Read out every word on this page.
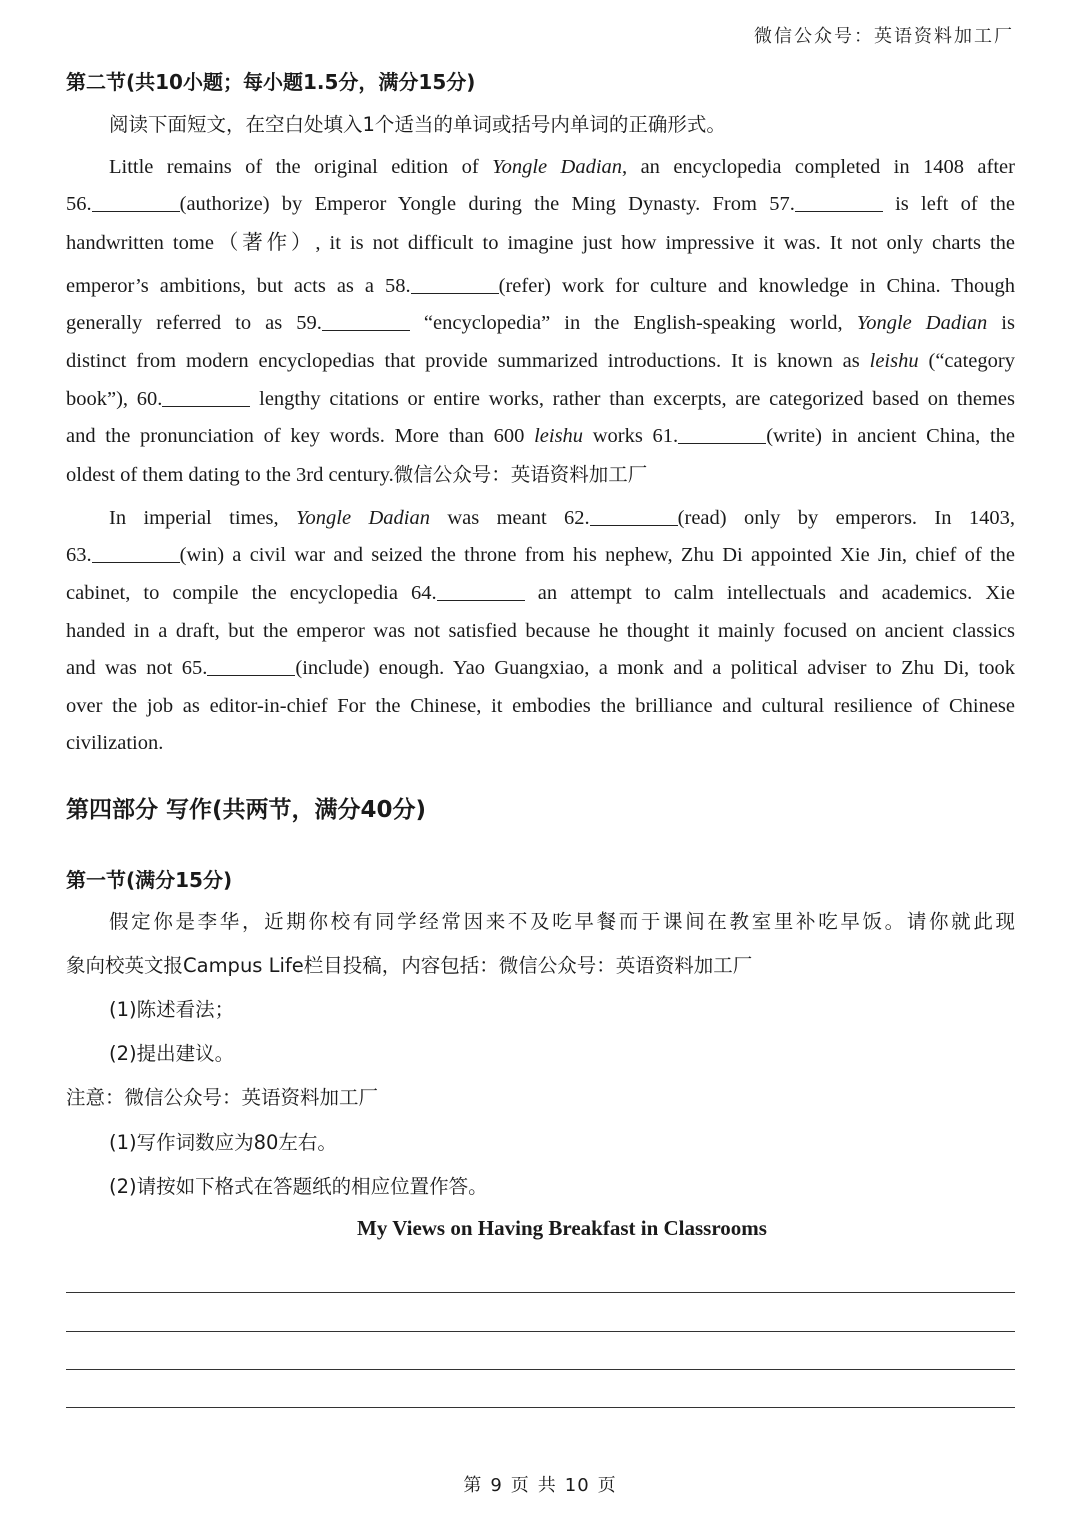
微信公众号：英语资料加工厂
第二节(共10小题；每小题1.5分，满分15分)
阅读下面短文，在空白处填入1个适当的单词或括号内单词的正确形式。
Little remains of the original edition of Yongle Dadian, an encyclopedia completed in 1408 after
56.	(authorize) by Emperor Yongle during the Ming Dynasty. From 57.	is left of the
handwritten tome（著作）, it is not difficult to imagine just how impressive it was. It not only charts the
emperor’s ambitions, but acts as a 58.	(refer) work for culture and knowledge in China. Though
generally referred to as 59.	“encyclopedia” in the English-speaking world, Yongle Dadian is
distinct from modern encyclopedias that provide summarized introductions. It is known as leishu (“category
book”), 60.	lengthy citations or entire works, rather than excerpts, are categorized based on themes
and the pronunciation of key words. More than 600 leishu works 61.	(write) in ancient China, the
oldest of them dating to the 3rd century.微信公众号：英语资料加工厂
In imperial times, Yongle Dadian was meant 62.	(read) only by emperors. In 1403,
63.	(win) a civil war and seized the throne from his nephew, Zhu Di appointed Xie Jin, chief of the
cabinet, to compile the encyclopedia 64.	an attempt to calm intellectuals and academics. Xie
handed in a draft, but the emperor was not satisfied because he thought it mainly focused on ancient classics
and was not 65.	(include) enough. Yao Guangxiao, a monk and a political adviser to Zhu Di, took
over the job as editor-in-chief For the Chinese, it embodies the brilliance and cultural resilience of Chinese
civilization.
第四部分 写作(共两节，满分40分)
第一节(满分15分)
假定你是李华，近期你校有同学经常因来不及吃早餐而于课间在教室里补吃早饭。请你就此现
象向校英文报Campus Life栏目投稿，内容包括：微信公众号：英语资料加工厂
(1)陈述看法；
(2)提出建议。
注意：微信公众号：英语资料加工厂
(1)写作词数应为80左右。
(2)请按如下格式在答题纸的相应位置作答。
My Views on Having Breakfast in Classrooms
第 9 页 共 10 页
